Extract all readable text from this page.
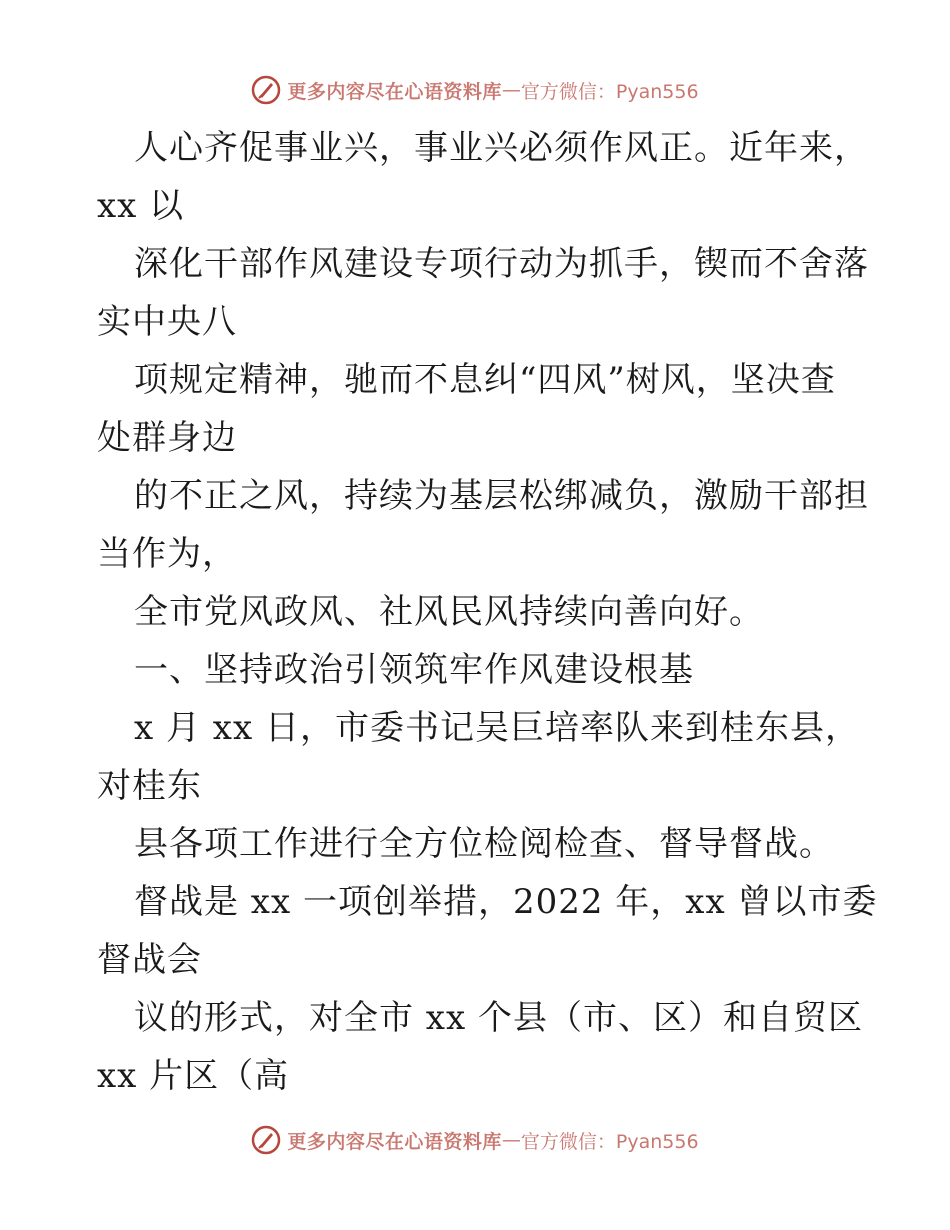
更多内容尽在心语资料库 — 官方微信：Pyan556
人心齐促事业兴，事业兴必须作风正。近年来，
xx 以
深化干部作风建设专项行动为抓手，锲而不舍落
实中央八
项规定精神，驰而不息纠“四风”树风，坚决查
处群身边
的不正之风，持续为基层松绑减负，激励干部担
当作为，
全市党风政风、社风民风持续向善向好。
一、坚持政治引领筑牢作风建设根基
x 月 xx 日，市委书记吴巨培率队来到桂东县，
对桂东
县各项工作进行全方位检阅检查、督导督战。
督战是 xx 一项创举措，2022 年，xx 曾以市委
督战会
议的形式，对全市 xx 个县（市、区）和自贸区
xx 片区（高
更多内容尽在心语资料库 — 官方微信：Pyan556
